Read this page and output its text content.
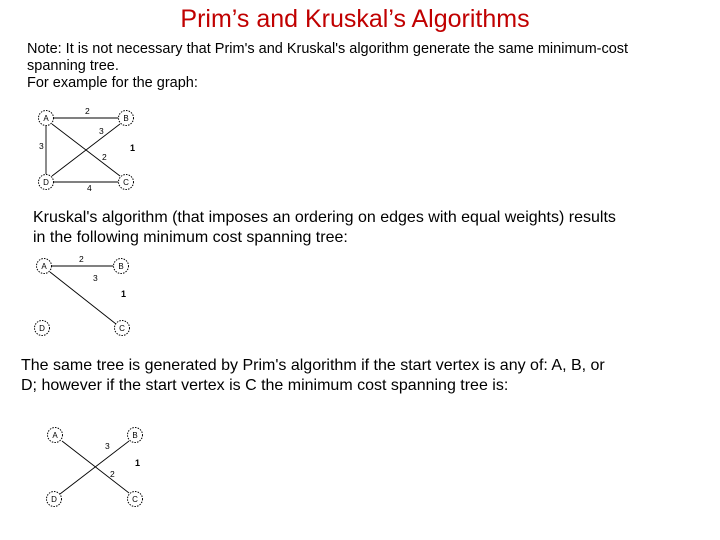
Prim’s and Kruskal’s Algorithms
Note: It is not necessary that Prim's and Kruskal's algorithm generate the same minimum-cost
spanning tree.
For example for the graph:
A	B
D	C
2
3
3
2
1
4
Kruskal's algorithm (that imposes an ordering on edges with equal weights) results
in the following minimum cost spanning tree:
A	B
D	C
2
3
1
The same tree is generated by Prim's algorithm if the start vertex is any of: A, B, or
D; however if the start vertex is C the minimum cost spanning tree is:
A	B
D	C
3
2
1
